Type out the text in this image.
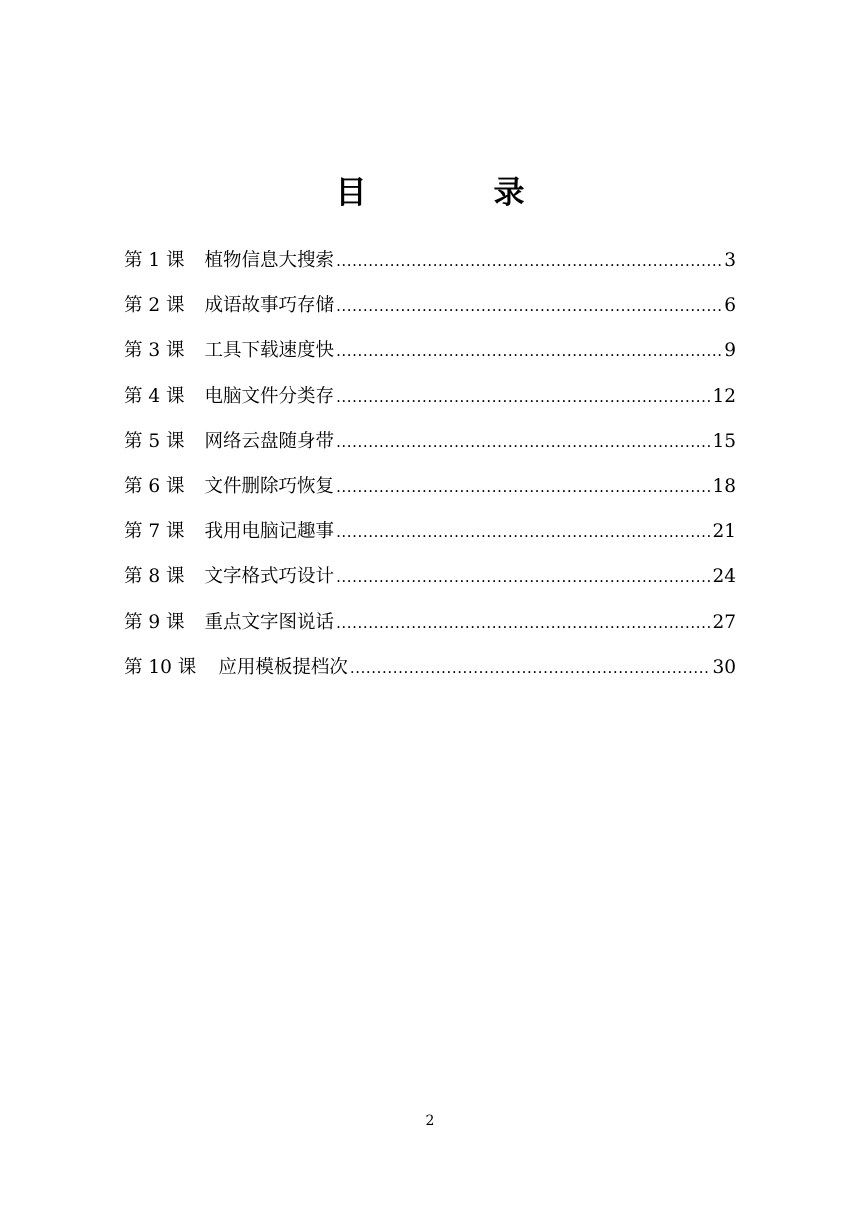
目　录
第 1 课 植物信息大搜索 .....	3
第 2 课 成语故事巧存储 .....	6
第 3 课 工具下载速度快 .....	9
第 4 课 电脑文件分类存 .....	12
第 5 课 网络云盘随身带 .....	15
第 6 课 文件删除巧恢复 .....	18
第 7 课 我用电脑记趣事 .....	21
第 8 课 文字格式巧设计 .....	24
第 9 课 重点文字图说话 .....	27
第 10 课 应用模板提档次 .....	30
2
